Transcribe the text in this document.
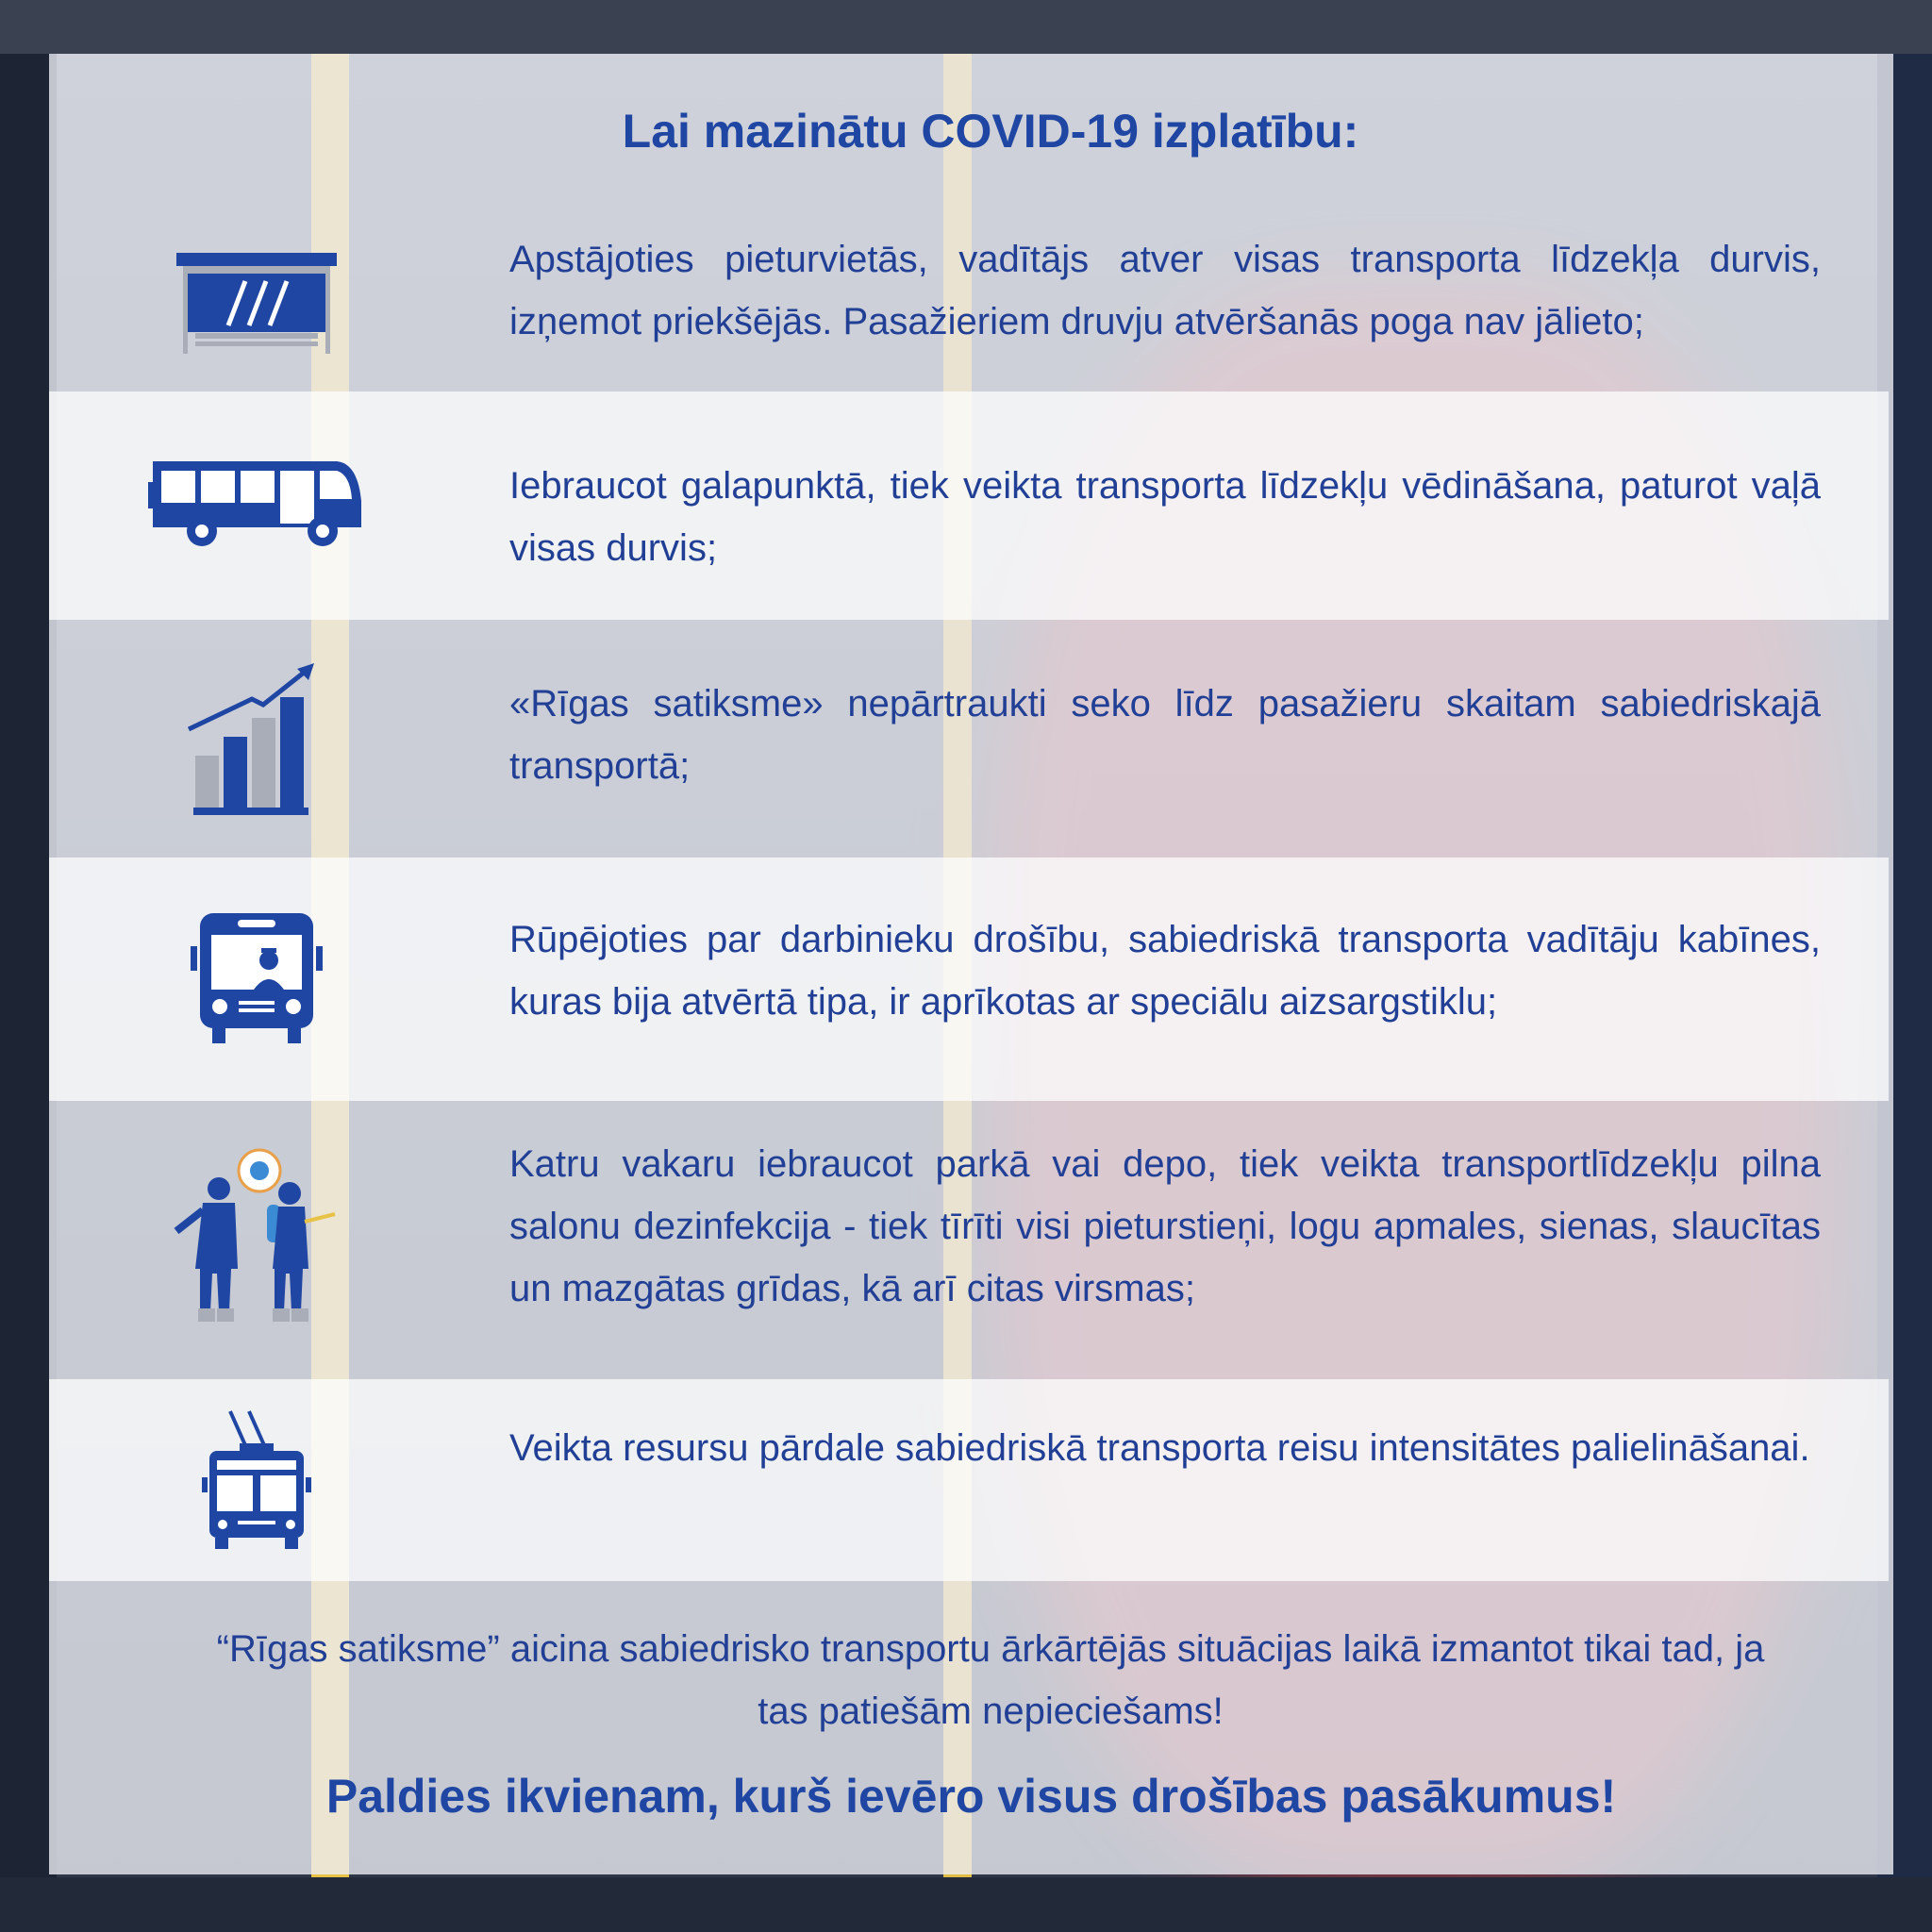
Lai mazinātu COVID-19 izplatību:
Apstājoties pieturvietās, vadītājs atver visas transporta līdzekļa durvis, izņemot priekšējās. Pasažieriem druvju atvēršanās poga nav jālieto;
Iebraucot galapunktā, tiek veikta transporta līdzekļu vēdināšana, paturot vaļā visas durvis;
«Rīgas satiksme» nepārtraukti seko līdz pasažieru skaitam sabiedriskajā transportā;
Rūpējoties par darbinieku drošību, sabiedriskā transporta vadītāju kabīnes, kuras bija atvērtā tipa, ir aprīkotas ar speciālu aizsargstiklu;
Katru vakaru iebraucot parkā vai depo, tiek veikta transportlīdzekļu pilna salonu dezinfekcija - tiek tīrīti visi pieturstieņi, logu apmales, sienas, slaucītas un mazgātas grīdas, kā arī citas virsmas;
Veikta resursu pārdale sabiedriskā transporta reisu intensitātes palielināšanai.
“Rīgas satiksme” aicina sabiedrisko transportu ārkārtējās situācijas laikā izmantot tikai tad, ja tas patiešām nepieciešams!
Paldies ikvienam, kurš ievēro visus drošības pasākumus!
